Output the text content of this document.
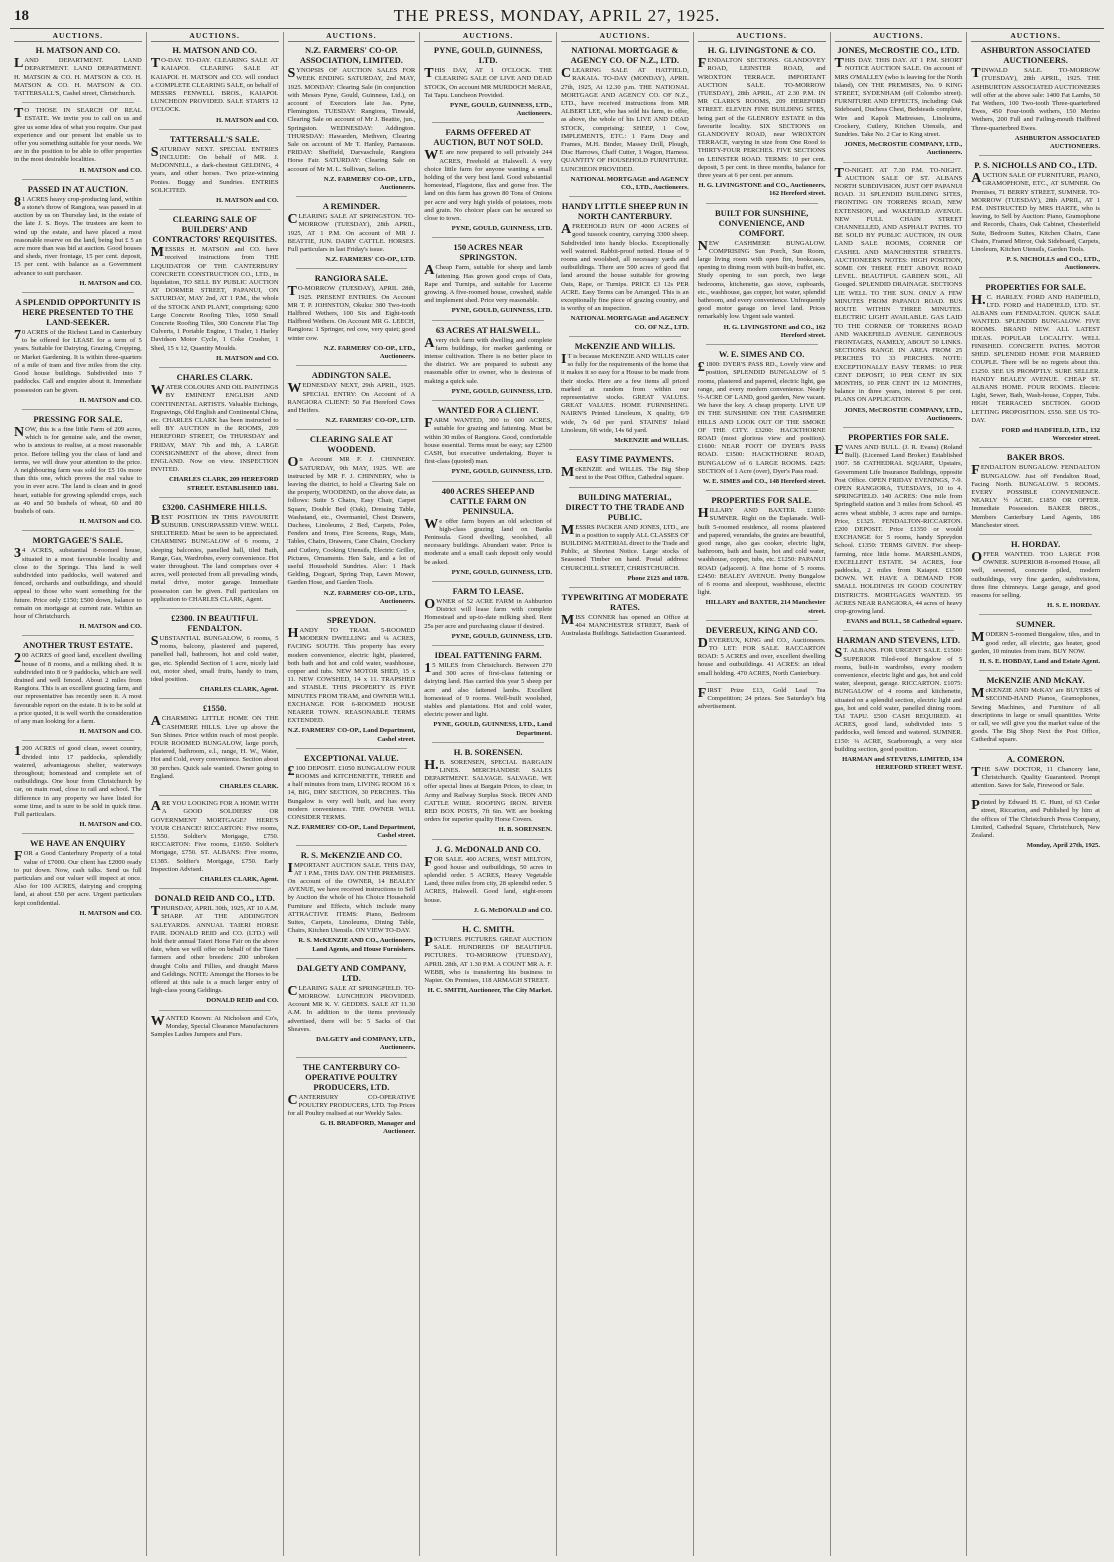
18	THE PRESS, MONDAY, APRIL 27, 1925.
AUCTIONS.
H. MATSON AND CO.
LAND DEPARTMENT. LAND DEPARTMENT. LAND DEPARTMENT. H. MATSON & CO. H. MATSON & CO. H. MATSON & CO. H. MATSON & CO. TATTERSALL'S, Cashel street, Christchurch.
TO THOSE IN SEARCH OF REAL ESTATE. We invite you to call on us and give us some idea of what you require. Our past experience and our present list enable us to offer you something suitable for your needs. We are in the position to be able to offer properties in the most desirable localities.
H. MATSON and CO.
PASSED IN AT AUCTION.
81 ACRES heavy crop-producing land, within a stone's throw of Rangiora, was passed in at auction by us on Thursday last, in the estate of the late J. S. Boys. The trustees are keen to wind up the estate, and have placed a most reasonable reserve on the land, being but £ 5 an acre more than was bid at auction. Good houses and sheds, river frontage, 15 per cent. deposit, 15 per cent. with balance as a Government advance to suit purchaser.
H. MATSON and CO.
A SPLENDID OPPORTUNITY IS HERE PRESENTED TO THE LAND-SEEKER.
70 ACRES of the Richest Land in Canterbury to be offered for LEASE for a term of 5 years. Suitable for Dairying, Grazing, Cropping, or Market Gardening. It is within three-quarters of a mile of tram and five miles from the city. Good house buildings. Subdivided into 7 paddocks. Call and enquire about it. Immediate possession can be given.
H. MATSON and CO.
PRESSING FOR SALE.
NOW, this is a fine little Farm of 209 acres, which is for genuine sale, and the owner, who is anxious to realise, at a most reasonable price. Before telling you the class of land and terms, we will draw your attention to the price. A neighbouring farm was sold for £5 10s more than this one, which proves the real value to you in ever acre. The land is clean and in good heart, suitable for growing splendid crops, such as 40 and 50 bushels of wheat, 60 and 80 bushels of oats.
H. MATSON and CO.
MORTGAGEE'S SALE.
34 ACRES, substantial 8-roomed house, situated in a most favourable locality and close to the Springs. This land is well subdivided into paddocks, well watered and fenced, orchards and outbuildings, and should appeal to those who want something for the future. Price only £150; £500 down, balance to remain on mortgage at current rate. Within an hour of Christchurch.
H. MATSON and CO.
ANOTHER TRUST ESTATE.
200 ACRES of good land, excellent dwelling house of 8 rooms, and a milking shed. It is subdivided into 8 or 9 paddocks, which are well drained and well fenced. About 2 miles from Rangiora. This is an excellent grazing farm, and our representative has recently seen it. A most favourable report on the estate. It is to be sold at a price quoted, it is well worth the consideration of any man looking for a farm.
H. MATSON and CO.
1200 ACRES of good clean, sweet country, divided into 17 paddocks, splendidly watered, advantageous shelter, waterways throughout; homestead and complete set of outbuildings. One hour from Christchurch by car, on main road, close to rail and school. The difference in any property we have listed for some time, and is sure to be sold in quick time. Full particulars.
H. MATSON and CO.
WE HAVE AN ENQUIRY
FOR a Good Canterbury Property of a total value of £7000. Our client has £2000 ready to put down. Now, cash talks. Send us full particulars and our valuer will inspect at once. Also for 100 ACRES, dairying and cropping land, at about £50 per acre. Urgent particulars kept confidential.
H. MATSON and CO.
AUCTIONS.
H. MATSON AND CO.
TO-DAY. TO-DAY. CLEARING SALE AT KAIAPOI. CLEARING SALE AT KAIAPOI. H. MATSON and CO. will conduct a COMPLETE CLEARING SALE, on behalf of MESSRS FENWELL BROS., KAIAPOI. LUNCHEON PROVIDED. SALE STARTS 12 O'CLOCK.
H. MATSON and CO.
TATTERSALL'S SALE.
SATURDAY NEXT. SPECIAL ENTRIES INCLUDE: On behalf of MR. J. McDONNELL, a dark-chestnut GELDING, 4 years, and other horses. Two prize-winning Ponies. Buggy and Sundries. ENTRIES SOLICITED.
H. MATSON and CO.
CLEARING SALE OF BUILDERS' AND CONTRACTORS' REQUISITES.
MESSRS H. MATSON and CO. have received instructions from THE LIQUIDATOR OF THE CANTERBURY CONCRETE CONSTRUCTION CO., LTD., in liquidation, TO SELL BY PUBLIC AUCTION AT DORMER STREET, PAPANUI, ON SATURDAY, MAY 2nd, AT 1 P.M., the whole of the STOCK AND PLANT, comprising: 6200 Large Concrete Roofing Tiles, 1050 Small Concrete Roofing Tiles, 300 Concrete Flat Top Culverts, 1 Portable Engine, 1 Trailer, 1 Harley Davidson Motor Cycle, 1 Coke Crusher, 1 Shed, 15 x 12, Quantity Moulds.
H. MATSON and CO.
CHARLES CLARK.
WATER COLOURS AND OIL PAINTINGS BY EMINENT ENGLISH AND CONTINENTAL ARTISTS. Valuable Etchings, Engravings, Old English and Continental China, etc. CHARLES CLARK has been instructed to sell BY AUCTION in the ROOMS, 209 HEREFORD STREET, On THURSDAY and FRIDAY, MAY 7th and 8th, A LARGE CONSIGNMENT of the above, direct from ENGLAND. Now on view. INSPECTION INVITED.
CHARLES CLARK, 209 HEREFORD STREET. ESTABLISHED 1881.
£3200. CASHMERE HILLS.
BEST POSITION IN THIS FAVOURITE SUBURB. UNSURPASSED VIEW. WELL SHELTERED. Must be seen to be appreciated. CHARMING BUNGALOW of 6 rooms, 2 sleeping balconies, panelled hall, tiled Bath, Range, Gas, Wardrobes, every convenience. Hot water throughout. The land comprises over 4 acres, well protected from all prevailing winds, metal drive, motor garage. Immediate possession can be given. Full particulars on application to CHARLES CLARK, Agent.
£2300. IN BEAUTIFUL FENDALTON.
SUBSTANTIAL BUNGALOW, 6 rooms, 5 rooms, balcony, plastered and papered, panelled hall, bathroom, hot and cold water, gas, etc. Splendid Section of 1 acre, nicely laid out, motor shed, small fruits, handy to tram, ideal position.
CHARLES CLARK, Agent.
£1550.
ACHARMING LITTLE HOME ON THE CASHMERE HILLS. Live up above the Sun Shines. Price within reach of most people. FOUR ROOMED BUNGALOW, large porch, plastered, bathroom, e.l., range, H. W., Water, Hot and Cold, every convenience. Section about 30 perches. Quick sale wanted. Owner going to England.
CHARLES CLARK.
ARE YOU LOOKING FOR A HOME WITH A GOOD SOLDIERS' OR GOVERNMENT MORTGAGE? HERE'S YOUR CHANCE! RICCARTON: Five rooms, £1550. Soldier's Mortgage, £750. RICCARTON: Five rooms, £1650. Soldier's Mortgage, £750. ST. ALBANS: Five rooms, £1385. Soldier's Mortgage, £750. Early Inspection Advised.
CHARLES CLARK, Agent.
DONALD REID AND CO., LTD.
THURSDAY, APRIL 30th, 1925, AT 10 A.M. SHARP. AT THE ADDINGTON SALEYARDS. ANNUAL TAIERI HORSE FAIR. DONALD REID and CO. (LTD.) will hold their annual Taieri Horse Fair on the above date, when we will offer on behalf of the Taieri farmers and other breeders: 200 unbroken draught Colts and Fillies, and draught Mares and Geldings. NOTE: Amongst the Horses to be offered at this sale is a much larger entry of high-class young Geldings.
DONALD REID and CO.
WANTED Known: At Nicholson and Co's, Monday, Special Clearance Manufacturers Samples Ladies Jumpers and Furs.
AUCTIONS.
N.Z. FARMERS' CO-OP. ASSOCIATION, LIMITED.
SYNOPSIS OF AUCTION SALES FOR WEEK ENDING SATURDAY, 2nd MAY, 1925. MONDAY: Clearing Sale (in conjunction with Messrs Pyne, Gould, Guinness, Ltd.), on account of Executors late Jas. Pyne, Flemington. TUESDAY: Rangiora, Tinwald, Clearing Sale on account of Mr J. Beattie, jun., Springston. WEDNESDAY: Addington. THURSDAY: Hawarden, Methven, Clearing Sale on account of Mr T. Hanley, Parnassus. FRIDAY: Sheffield, Darvaschule, Rangiora Horse Fair. SATURDAY: Clearing Sale on account of Mr M. L. Sullivan, Selton.
N.Z. FARMERS' CO-OP., LTD., Auctioneers.
A REMINDER.
CLEARING SALE AT SPRINGSTON. TO-MORROW (TUESDAY), 28th APRIL, 1925, AT 1 P.M. On account of MR J. BEATTIE, JUN. DAIRY CATTLE. HORSES. Full particulars in last Friday's issue.
N.Z. FARMERS' CO-OP., LTD.
RANGIORA SALE.
TO-MORROW (TUESDAY), APRIL 28th, 1925. PRESENT ENTRIES. On Account MR T. P. JOHNSTON, Okuku: 380 Two-tooth Halfbred Wethers, 100 Six and Eight-tooth Halfbred Wethers. On Account MR G. LEECH, Rangiora: 1 Springer, red cow, very quiet; good winter cow.
N.Z. FARMERS' CO-OP., LTD., Auctioneers.
ADDINGTON SALE.
WEDNESDAY NEXT, 29th APRIL, 1925. SPECIAL ENTRY: On Account of A RANGIORA CLIENT: 50 Fat Hereford Cows and Heifers.
N.Z. FARMERS' CO-OP., LTD.
CLEARING SALE AT WOODEND.
On Account MR F. J. CHINNERY. SATURDAY, 9th MAY, 1925. WE are instructed by MR F. J. CHINNERY, who is leaving the district, to hold a Clearing Sale on the property, WOODEND, on the above date, as follows: Suite 5 Chairs, Easy Chair, Carpet Square, Double Bed (Oak), Dressing Table, Washstand, etc., Overmantel, Chest Drawers, Duchess, Linoleums, 2 Bed, Carpets, Poles, Fenders and Irons, Fire Screens, Rugs, Mats, Tables, Chairs, Drawers, Cane Chairs, Crockery and Cutlery, Cooking Utensils, Electric Griller, Pictures, Ornaments. Hen Sale, and a lot of useful Household Sundries. Also: 1 Hack Gelding, Dogcart, Spring Trap, Lawn Mower, Garden Hose, and Garden Tools.
N.Z. FARMERS' CO-OP., LTD., Auctioneers.
SPREYDON.
HANDY TO TRAM. 5-ROOMED MODERN DWELLING and ¼ ACRES, FACING SOUTH. This property has every modern convenience, electric light, plastered, both bath and hot and cold water, washhouse, copper and tubs. NEW MOTOR SHED, 15 x 11. NEW COWSHED, 14 x 11. TRAPSHED and STABLE. THIS PROPERTY IS FIVE MINUTES FROM TRAM, and OWNER WILL EXCHANGE FOR 6-ROOMED HOUSE NEARER TOWN. REASONABLE TERMS EXTENDED.
N.Z. FARMERS' CO-OP., Land Department, Cashel street.
EXCEPTIONAL VALUE.
£100 DEPOSIT. £1050 BUNGALOW FOUR ROOMS and KITCHENETTE, THREE and a half minutes from tram, LIVING ROOM 16 x 14, BIG, DRY SECTION, 30 PERCHES. This Bungalow is very well built, and has every modern convenience. THE OWNER WILL CONSIDER TERMS.
N.Z. FARMERS' CO-OP., Land Department, Cashel street.
R. S. McKENZIE AND CO.
IMPORTANT AUCTION SALE. THIS DAY, AT 1 P.M., THIS DAY. ON THE PREMISES. On account of the OWNER, 14 BEALEY AVENUE, we have received instructions to Sell by Auction the whole of his Choice Household Furniture and Effects, which include many ATTRACTIVE ITEMS: Piano, Bedroom Suites, Carpets, Linoleums, Dining Table, Chairs, Kitchen Utensils. ON VIEW TO-DAY.
R. S. McKENZIE AND CO., Auctioneers, Land Agents, and House Furnishers.
DALGETY AND COMPANY, LTD.
CLEARING SALE AT SPRINGFIELD. TO-MORROW. LUNCHEON PROVIDED. Account MR K. V. GEDDES. SALE AT 11.30 A.M. In addition to the items previously advertised, there will be: 5 Sacks of Oat Sheaves.
DALGETY and COMPANY, LTD., Auctioneers.
THE CANTERBURY CO-OPERATIVE POULTRY PRODUCERS, LTD.
CANTERBURY CO-OPERATIVE POULTRY PRODUCERS, LTD. Top Prices for all Poultry realised at our Weekly Sales.
G. H. BRADFORD, Manager and Auctioneer.
AUCTIONS.
PYNE, GOULD, GUINNESS, LTD.
THIS DAY, AT 1 O'CLOCK. THE CLEARING SALE OF LIVE AND DEAD STOCK, On account MR MURDOCH McRAE, Tai Tapu. Luncheon Provided.
PYNE, GOULD, GUINNESS, LTD., Auctioneers.
FARMS OFFERED AT AUCTION, BUT NOT SOLD.
WE are now prepared to sell privately 244 ACRES, Freehold at Halswell. A very choice little farm for anyone wanting a small holding of the very best land. Good substantial homestead, Flagstone, flax and gorse free. The land on this farm has grown 80 Tons of Onions per acre and very high yields of potatoes, roots and grain. No choicer place can be secured so close to town.
PYNE, GOULD, GUINNESS, LTD.
150 ACRES NEAR SPRINGSTON.
ACheap Farm, suitable for sheep and lamb fattening. Has grown good crops of Oats, Rape and Turnips, and suitable for Lucerne growing. A five-roomed house, cowshed, stable and implement shed. Price very reasonable.
PYNE, GOULD, GUINNESS, LTD.
63 ACRES AT HALSWELL.
Avery rich farm with dwelling and complete farm buildings, for market gardening or intense cultivation. There is no better place in the district. We are prepared to submit any reasonable offer to owner, who is desirous of making a quick sale.
PYNE, GOULD, GUINNESS, LTD.
WANTED FOR A CLIENT.
FARM WANTED, 300 to 600 ACRES, suitable for grazing and fattening. Must be within 30 miles of Rangiora. Good, comfortable house essential. Terms must be easy; say £2500 CASH, but executive undertaking. Buyer is first-class (quoted) man.
PYNE, GOULD, GUINNESS, LTD.
400 ACRES SHEEP AND CATTLE FARM ON PENINSULA.
We offer farm buyers an old selection of high-class grazing land on Banks Peninsula. Good dwelling, woolshed, all necessary buildings. Abundant water. Price is moderate and a small cash deposit only would be asked.
PYNE, GOULD, GUINNESS, LTD.
FARM TO LEASE.
OWNER of 52 ACRE FARM in Ashburton District will lease farm with complete Homestead and up-to-date milking shed. Rent 25s per acre and purchasing clause if desired.
PYNE, GOULD, GUINNESS, LTD.
IDEAL FATTENING FARM.
15 MILES from Christchurch. Between 270 and 300 acres of first-class fattening or dairying land. Has carried this year 5 sheep per acre and also fattened lambs. Excellent homestead of 9 rooms. Well-built woolshed, stables and plantations. Hot and cold water, electric power and light.
PYNE, GOULD, GUINNESS, LTD., Land Department.
H. B. SORENSEN.
H.B. SORENSEN, SPECIAL BARGAIN LINES. MERCHANDISE SALES DEPARTMENT. SALVAGE. SALVAGE. WE offer special lines at Bargain Prices, to clear, in Army and Railway Surplus Stock. IRON AND CATTLE WIRE. ROOFING IRON. RIVER RED BOX POSTS, 7ft 6in. WE are booking orders for superior quality Horse Covers.
H. B. SORENSEN.
J. G. McDONALD AND CO.
FOR SALE. 400 ACRES, WEST MELTON, good house and outbuildings, 50 acres in splendid order. 5 ACRES, Heavy Vegetable Land, three miles from city, 28 splendid order. 5 ACRES, Halswell. Good land, eight-room house.
J. G. McDONALD and CO.
H. C. SMITH.
PICTURES. PICTURES. GREAT AUCTION SALE. HUNDREDS OF BEAUTIFUL PICTURES. TO-MORROW (TUESDAY), APRIL 28th, AT 1.30 P.M. A COUNT MR A. F. WEBB, who is transferring his business to Napier. On Premises, 118 ARMAGH STREET.
H. C. SMITH, Auctioneer, The City Market.
AUCTIONS.
NATIONAL MORTGAGE & AGENCY CO. OF N.Z., LTD.
CLEARING SALE AT HATFIELD, RAKAIA. TO-DAY (MONDAY), APRIL 27th, 1925, At 12.30 p.m. THE NATIONAL MORTGAGE AND AGENCY CO. OF N.Z., LTD., have received instructions from MR ALBERT LEE, who has sold his farm, to offer, as above, the whole of his LIVE AND DEAD STOCK, comprising: SHEEP, 1 Cow, IMPLEMENTS, ETC.: 1 Farm Dray and Frames, M.H. Binder, Massey Drill, Plough, Disc Harrows, Chaff Cutter, 1 Wagon, Harness. QUANTITY OF HOUSEHOLD FURNITURE. LUNCHEON PROVIDED.
NATIONAL MORTGAGE and AGENCY CO., LTD., Auctioneers.
HANDY LITTLE SHEEP RUN IN NORTH CANTERBURY.
AFREEHOLD RUN OF 4000 ACRES of good tussock country, carrying 3300 sheep. Subdivided into handy blocks. Exceptionally well watered. Rabbit-proof netted. House of 9 rooms and woolshed, all necessary yards and outbuildings. There are 500 acres of good flat land around the house suitable for growing Oats, Rape, or Turnips. PRICE £3 12s PER ACRE. Easy Terms can be Arranged. This is an exceptionally fine piece of grazing country, and is worthy of an inspection.
NATIONAL MORTGAGE and AGENCY CO. OF N.Z., LTD.
McKENZIE AND WILLIS.
IT is because McKENZIE AND WILLIS cater so fully for the requirements of the home that it makes it so easy for a House to be made from their stocks. Here are a few items all priced marked at random from within our representative stocks. GREAT VALUES. GREAT VALUES. HOME FURNISHING. NAIRN'S Printed Linoleum, X quality, 6/9 wide, 7s 6d per yard. STAINES' Inlaid Linoleum, 6ft wide, 14s 6d yard.
McKENZIE and WILLIS.
EASY TIME PAYMENTS.
McKENZIE and WILLIS. The Big Shop next to the Post Office, Cathedral square.
BUILDING MATERIAL, DIRECT TO THE TRADE AND PUBLIC.
MESSRS PACKER AND JONES, LTD., are in a position to supply ALL CLASSES OF BUILDING MATERIAL direct to the Trade and Public, at Shortest Notice. Large stocks of Seasoned Timber on hand. Postal address: CHURCHILL STREET, CHRISTCHURCH.
Phone 2123 and 1878.
TYPEWRITING AT MODERATE RATES.
MISS CONNER has opened an Office at 404 MANCHESTER STREET, Bank of Australasia Buildings. Satisfaction Guaranteed.
AUCTIONS.
H. G. LIVINGSTONE & CO.
FENDALTON SECTIONS. GLANDOVEY ROAD, LEINSTER ROAD, and WROXTON TERRACE. IMPORTANT AUCTION SALE. TO-MORROW (TUESDAY), 28th APRIL, AT 2.30 P.M. IN MR CLARK'S ROOMS, 209 HEREFORD STREET. ELEVEN FINE BUILDING SITES, being part of the GLENROY ESTATE in this favourite locality. SIX SECTIONS on GLANDOVEY ROAD, near WROXTON TERRACE, varying in size from One Rood to THIRTY-FOUR PERCHES. FIVE SECTIONS on LEINSTER ROAD. TERMS: 10 per cent. deposit, 5 per cent. in three months, balance for three years at 6 per cent. per annum.
H. G. LIVINGSTONE and CO., Auctioneers, 162 Hereford street.
BUILT FOR SUNSHINE, CONVENIENCE, AND COMFORT.
NEW CASHMERE BUNGALOW. COMPRISING Sun Porch, Sun Room, large living room with open fire, bookcases, opening to dining room with built-in buffet, etc. Study opening to sun porch, two large bedrooms, kitchenette, gas stove, cupboards, etc., washhouse, gas copper, hot water, splendid bathroom, and every convenience. Unfrequently good motor garage on level land. Prices remarkably low. Urgent sale wanted.
H. G. LIVINGSTONE and CO., 162 Hereford street.
W. E. SIMES AND CO.
£1800: DYER'S PASS RD., Lovely view and position, SPLENDID BUNGALOW of 5 rooms, plastered and papered, electric light, gas range, and every modern convenience. Nearly ½-ACRE OF LAND, good garden, New vacant. We have the key. A cheap property. LIVE UP IN THE SUNSHINE ON THE CASHMERE HILLS AND LOOK OUT OF THE SMOKE OF THE CITY. £3200: HACKTHORNE ROAD (most glorious view and position). £1600: NEAR FOOT OF DYER'S PASS ROAD. £3500: HACKTHORNE ROAD, BUNGALOW of 6 LARGE ROOMS. £425: SECTION of 1 Acre (over), Dyer's Pass road.
W. E. SIMES and CO., 148 Hereford street.
PROPERTIES FOR SALE.
HILLARY AND BAXTER. £1850: SUMNER. Right on the Esplanade. Well-built 5-roomed residence, all rooms plastered and papered, verandahs, the grates are beautiful, good range, also gas cooker, electric light, bathroom, bath and basin, hot and cold water, washhouse, copper, tubs, etc. £1250: PAPANUI ROAD (adjacent). A fine home of 5 rooms. £2450: BEALEY AVENUE. Pretty Bungalow of 6 rooms and sleepout, washhouse, electric light.
HILLARY and BAXTER, 214 Manchester street.
DEVEREUX, KING AND CO.
DEVEREUX, KING and CO., Auctioneers. TO LET: FOR SALE. RACCARTON ROAD: 5 ACRES and over, excellent dwelling house and outbuildings. 41 ACRES: an ideal small holding. 470 ACRES, North Canterbury.
FIRST Prize £13, Gold Leaf Tea Competition; 24 prizes. See Saturday's big advertisement.
AUCTIONS.
JONES, McCROSTIE CO., LTD.
THIS DAY. THIS DAY. AT 1 P.M. SHORT NOTICE AUCTION SALE. On account of MRS O'MALLEY (who is leaving for the North Island), ON THE PREMISES, No. 9 KING STREET, SYDENHAM (off Colombo street). FURNITURE AND EFFECTS, including: Oak Sideboard, Duchess Chest, Bedsteads complete, Wire and Kapok Mattresses, Linoleums, Crockery, Cutlery, Kitchen Utensils, and Sundries. Take No. 2 Car to King street.
JONES, McCROSTIE COMPANY, LTD., Auctioneers.
TO-NIGHT. AT 7.30 P.M. TO-NIGHT. AUCTION SALE OF ST. ALBANS NORTH SUBDIVISION, JUST OFF PAPANUI ROAD. 31 SPLENDID BUILDING SITES, FRONTING ON TORRENS ROAD, NEW EXTENSION, and WAKEFIELD AVENUE. NEW FULL CHAIN STREET CHANNELLED, AND ASPHALT PATHS. TO BE SOLD BY PUBLIC AUCTION, IN OUR LAND SALE ROOMS, CORNER OF CASHEL AND MANCHESTER STREETS. AUCTIONEER'S NOTES: HIGH POSITION, SOME ON THREE FEET ABOVE ROAD LEVEL. BEAUTIFUL GARDEN SOIL, All Gouged. SPLENDID DRAINAGE. SECTIONS LIE WELL TO THE SUN. ONLY A FEW MINUTES FROM PAPANUI ROAD. BUS ROUTE WITHIN THREE MINUTES. ELECTRIC LIGHT AVAILABLE. GAS LAID TO THE CORNER OF TORRENS ROAD AND WAKEFIELD AVENUE. GENEROUS FRONTAGES, NAMELY, ABOUT 50 LINKS. SECTIONS RANGE IN AREA FROM 25 PERCHES TO 33 PERCHES. NOTE: EXCEPTIONALLY EASY TERMS: 10 PER CENT DEPOSIT, 10 PER CENT IN SIX MONTHS, 10 PER CENT IN 12 MONTHS, balance in three years, interest 6 per cent. PLANS ON APPLICATION.
JONES, McCROSTIE COMPANY, LTD., Auctioneers.
PROPERTIES FOR SALE.
EVANS AND BULL. (J. R. Evans) (Roland Bull). (Licensed Land Broker.) Established 1907. 58 CATHEDRAL SQUARE, Upstairs, Government Life Insurance Buildings, opposite Post Office. OPEN FRIDAY EVENINGS, 7-9. OPEN RANGIORA, TUESDAYS, 10 to 4. SPRINGFIELD. 140 ACRES: One mile from Springfield station and 3 miles from School. 45 acres wheat stubble, 3 acres rape and turnips. Price, £1325. FENDALTON-RICCARTON. £200 DEPOSIT. Price £1350 or would EXCHANGE for 5 rooms, handy Spreydon School. £1350: TERMS GIVEN. For sheep-farming, nice little home. MARSHLANDS, EXCELLENT ESTATE. 34 ACRES, four paddocks, 2 miles from Kaiapoi. £1500 DOWN. WE HAVE A DEMAND FOR SMALL HOLDINGS IN GOOD COUNTRY DISTRICTS. MORTGAGES WANTED. 95 ACRES NEAR RANGIORA, 44 acres of heavy crop-growing land.
EVANS and BULL, 58 Cathedral square.
HARMAN AND STEVENS, LTD.
ST. ALBANS. FOR URGENT SALE. £1500: SUPERIOR Tiled-roof Bungalow of 5 rooms, built-in wardrobes, every modern convenience, electric light and gas, hot and cold water, sleepout, garage. RICCARTON. £1075: BUNGALOW of 4 rooms and kitchenette, situated on a splendid section, electric light and gas, hot and cold water, panelled dining room. TAI TAPU. £500 CASH REQUIRED. 41 ACRES, good land, subdivided into 5 paddocks, well fenced and watered. SUMNER. £150: ¼ ACRE, Scarborough, a very nice building section, good position.
HARMAN and STEVENS, LIMITED, 134 HEREFORD STREET WEST.
AUCTIONS.
ASHBURTON ASSOCIATED AUCTIONEERS.
TINWALD SALE. TO-MORROW (TUESDAY), 28th APRIL, 1925. THE ASHBURTON ASSOCIATED AUCTIONEERS will offer at the above sale: 1400 Fat Lambs, 50 Fat Wethers, 100 Two-tooth Three-quarterbred Ewes, 450 Four-tooth wethers, 150 Merino Wethers, 200 Full and Failing-mouth Halfbred Three-quarterbred Ewes.
ASHBURTON ASSOCIATED AUCTIONEERS.
P. S. NICHOLLS AND CO., LTD.
AUCTION SALE OF FURNITURE, PIANO, GRAMOPHONE, ETC., AT SUMNER. On Premises, 71 BERRY STREET, SUMNER. TO-MORROW (TUESDAY), 28th APRIL, AT 1 P.M. INSTRUCTED by MRS HARTE, who is leaving, to Sell by Auction: Piano, Gramophone and Records, Chairs, Oak Cabinet, Chesterfield Suite, Bedroom Suites, Kitchen Chairs, Cane Chairs, Framed Mirror, Oak Sideboard, Carpets, Linoleum, Kitchen Utensils, Garden Tools.
P. S. NICHOLLS and CO., LTD., Auctioneers.
PROPERTIES FOR SALE.
H.C. HARLEY. FORD AND HADFIELD, LTD. FORD and HADFIELD, LTD. ST. ALBANS cum FENDALTON. QUICK SALE WANTED. SPLENDID BUNGALOW. FIVE ROOMS. BRAND NEW. ALL LATEST IDEAS. POPULAR LOCALITY. WELL FINISHED. CONCRETE PATHS. MOTOR SHED. SPLENDID HOME FOR MARRIED COUPLE. There will be no regrets about this. £1250. SEE US PROMPTLY. SURE SELLER. HANDY BEALEY AVENUE. CHEAP ST. ALBANS HOME. FOUR ROOMS. Electric Light, Sewer, Bath, Wash-house, Copper, Tubs. HIGH TERRACED SECTION. GOOD LETTING PROPOSITION. £550. SEE US TO-DAY.
FORD and HADFIELD, LTD., 132 Worcester street.
BAKER BROS.
FENDALTON BUNGALOW. FENDALTON BUNGALOW. Just off Fendalton Road, Facing North. BUNGALOW. 5 ROOMS. EVERY POSSIBLE CONVENIENCE. NEARLY ½ ACRE. £1850 OR OFFER. Immediate Possession. BAKER BROS., Members Canterbury Land Agents, 186 Manchester street.
H. HORDAY.
OFFER WANTED. TOO LARGE FOR OWNER. SUPERIOR 8-roomed House, all well, sewered, concrete piled, modern outbuildings, very fine garden, subdivisions, three fine chimneys. Large garage, and good reasons for selling.
H. S. E. HORDAY.
SUMNER.
MODERN 5-roomed Bungalow, tiles, and in good order, all electric, gas heater, good garden, 10 minutes from tram. BUY NOW.
H. S. E. HOBDAY, Land and Estate Agent.
McKENZIE AND McKAY.
McKENZIE AND McKAY are BUYERS of SECOND-HAND Pianos, Gramophones, Sewing Machines, and Furniture of all descriptions in large or small quantities. Write or call, we will give you the market value of the goods. The Big Shop Next the Post Office, Cathedral square.
A. COMERON.
THE SAW DOCTOR, 11 Chancery lane, Christchurch. Quality Guaranteed. Prompt attention. Saws for Sale, Firewood or Sale.
Printed by Edward H. C. Hunt, of 63 Cedar street, Riccarton, and Published by him at the offices of The Christchurch Press Company, Limited, Cathedral Square, Christchurch, New Zealand.
Monday, April 27th, 1925.
